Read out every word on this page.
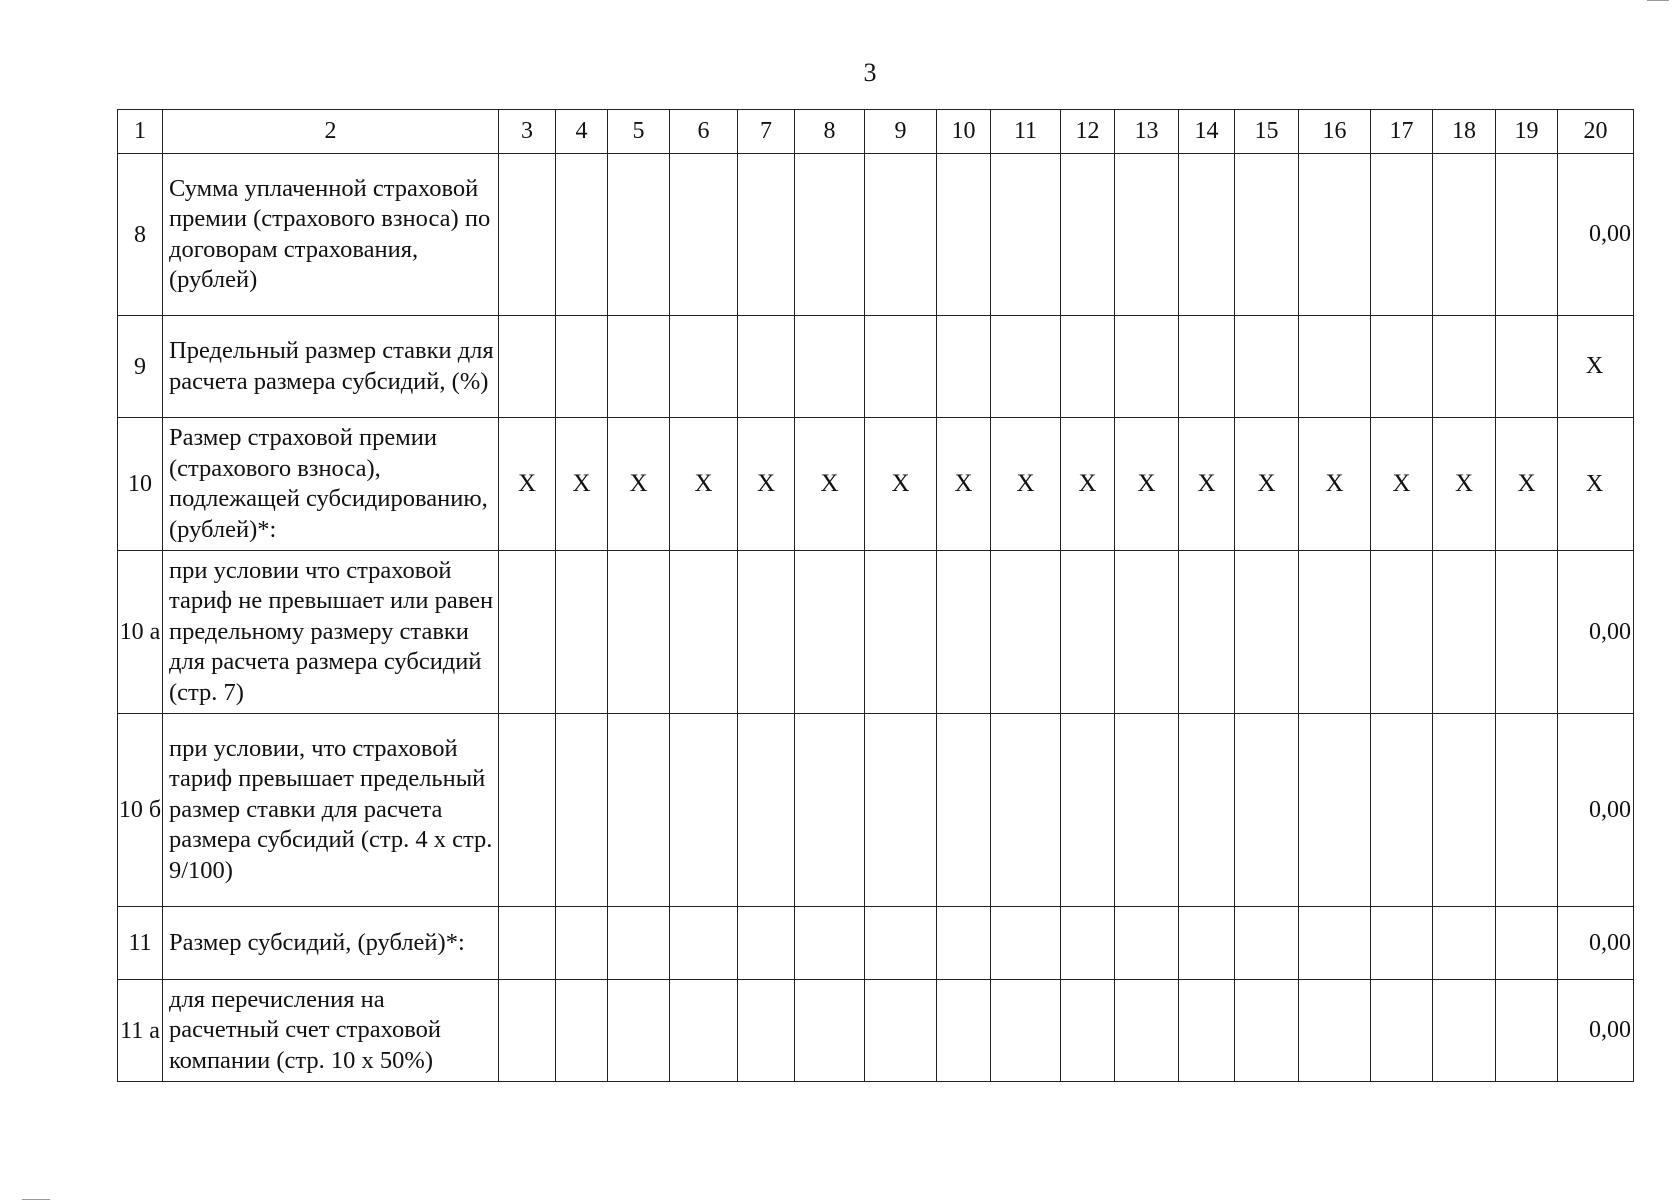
3
1	2	3	4	5	6	7	8	9	10	11	12	13	14	15	16	17	18	19	20
8	Сумма уплаченной страховой премии (страхового взноса) по договорам страхования, (рублей)																		0,00
9	Предельный размер ставки для расчета размера субсидий, (%)																		X
10	Размер страховой премии (страхового взноса), подлежащей субсидированию, (рублей)*:	X	X	X	X	X	X	X	X	X	X	X	X	X	X	X	X	X	X
10 а	при условии что страховой тариф не превышает или равен предельному размеру ставки для расчета размера субсидий (стр. 7)																		0,00
10 б	при условии, что страховой тариф превышает предельный размер ставки для расчета размера субсидий (стр. 4 х стр. 9/100)																		0,00
11	Размер субсидий, (рублей)*:																		0,00
11 а	для перечисления на расчетный счет страховой компании (стр. 10 х 50%)																		0,00
